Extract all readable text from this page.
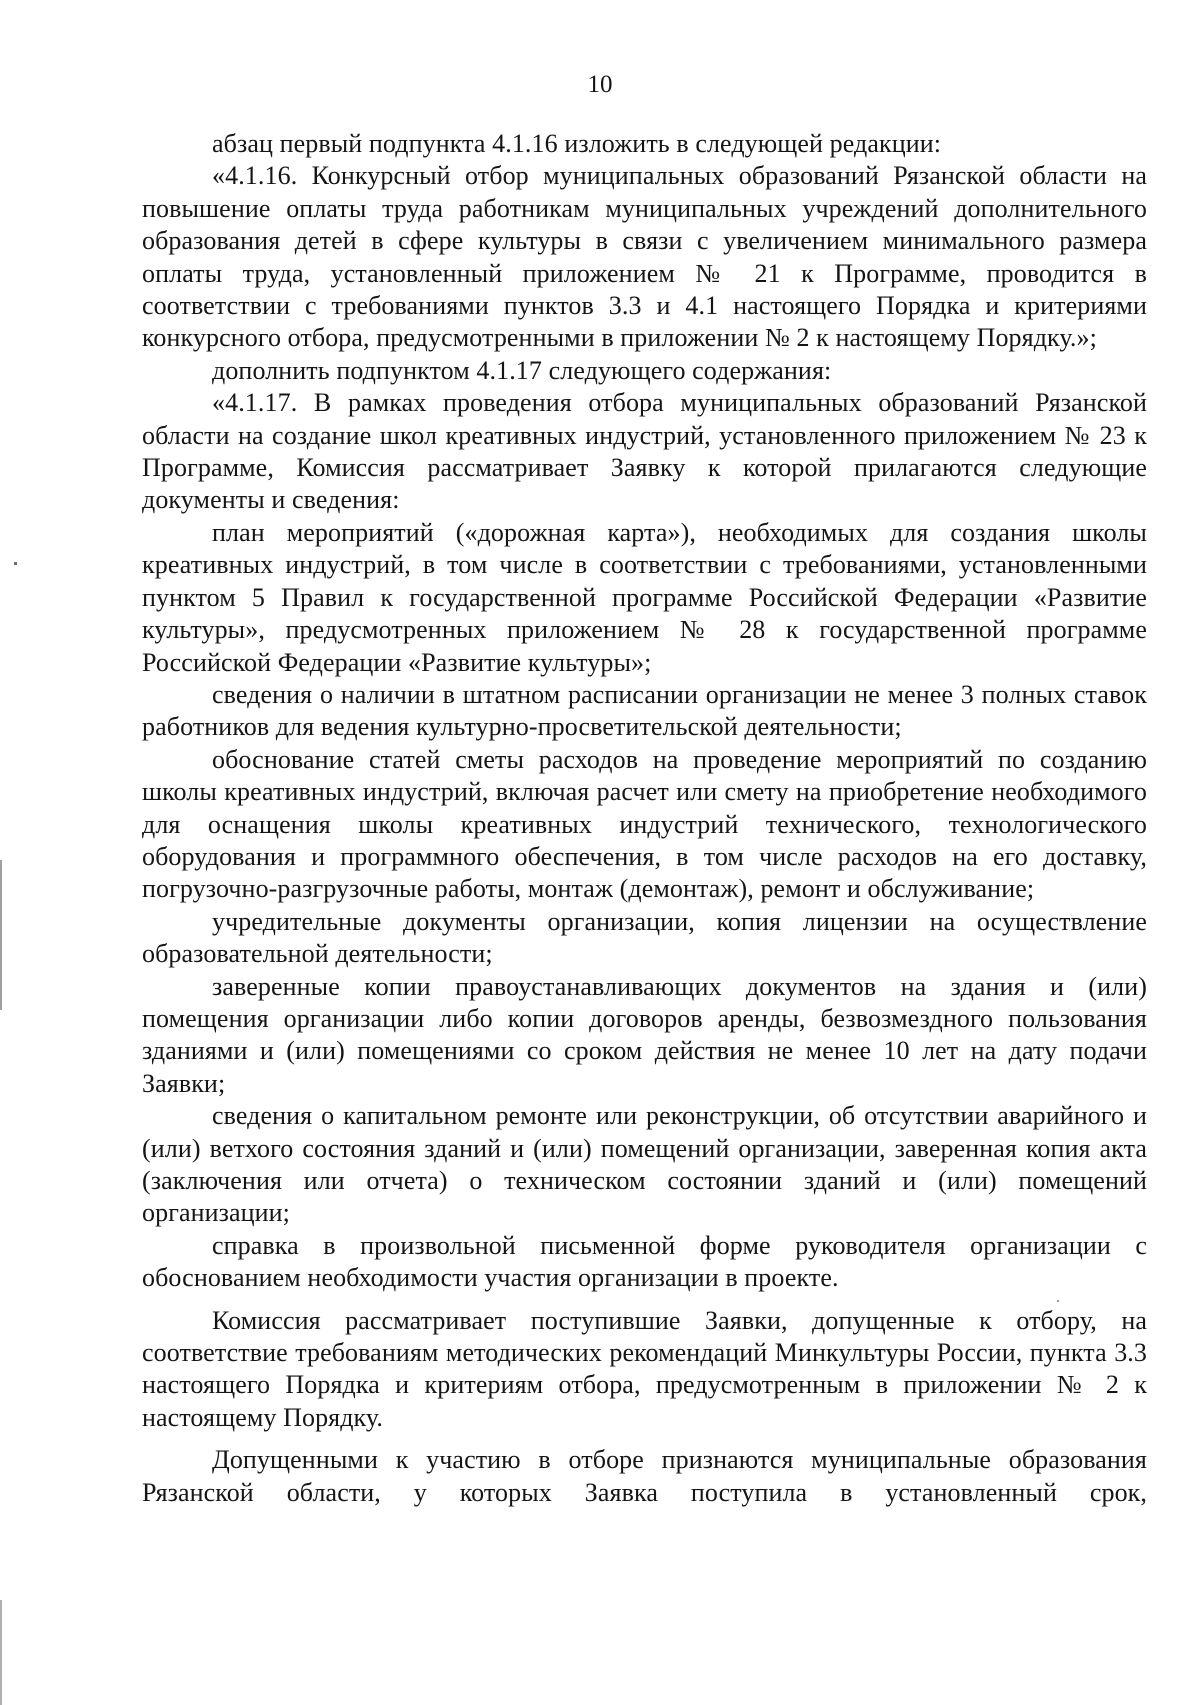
10

абзац первый подпункта 4.1.16 изложить в следующей редакции:

«4.1.16. Конкурсный отбор муниципальных образований Рязанской области на повышение оплаты труда работникам муниципальных учреждений дополнительного образования детей в сфере культуры в связи с увеличением минимального размера оплаты труда, установленный приложением № 21 к Программе, проводится в соответствии с требованиями пунктов 3.3 и 4.1 настоящего Порядка и критериями конкурсного отбора, предусмотренными в приложении № 2 к настоящему Порядку.»;

дополнить подпунктом 4.1.17 следующего содержания:

«4.1.17. В рамках проведения отбора муниципальных образований Рязанской области на создание школ креативных индустрий, установленного приложением № 23 к Программе, Комиссия рассматривает Заявку к которой прилагаются следующие документы и сведения:

план мероприятий («дорожная карта»), необходимых для создания школы креативных индустрий, в том числе в соответствии с требованиями, установленными пунктом 5 Правил к государственной программе Российской Федерации «Развитие культуры», предусмотренных приложением № 28 к государственной программе Российской Федерации «Развитие культуры»;

сведения о наличии в штатном расписании организации не менее 3 полных ставок работников для ведения культурно-просветительской деятельности;

обоснование статей сметы расходов на проведение мероприятий по созданию школы креативных индустрий, включая расчет или смету на приобретение необходимого для оснащения школы креативных индустрий технического, технологического оборудования и программного обеспечения, в том числе расходов на его доставку, погрузочно-разгрузочные работы, монтаж (демонтаж), ремонт и обслуживание;

учредительные документы организации, копия лицензии на осуществление образовательной деятельности;

заверенные копии правоустанавливающих документов на здания и (или) помещения организации либо копии договоров аренды, безвозмездного пользования зданиями и (или) помещениями со сроком действия не менее 10 лет на дату подачи Заявки;

сведения о капитальном ремонте или реконструкции, об отсутствии аварийного и (или) ветхого состояния зданий и (или) помещений организации, заверенная копия акта (заключения или отчета) о техническом состоянии зданий и (или) помещений организации;

справка в произвольной письменной форме руководителя организации с обоснованием необходимости участия организации в проекте.

Комиссия рассматривает поступившие Заявки, допущенные к отбору, на соответствие требованиям методических рекомендаций Минкультуры России, пункта 3.3 настоящего Порядка и критериям отбора, предусмотренным в приложении № 2 к настоящему Порядку.

Допущенными к участию в отборе признаются муниципальные образования Рязанской области, у которых Заявка поступила в установленный срок,
